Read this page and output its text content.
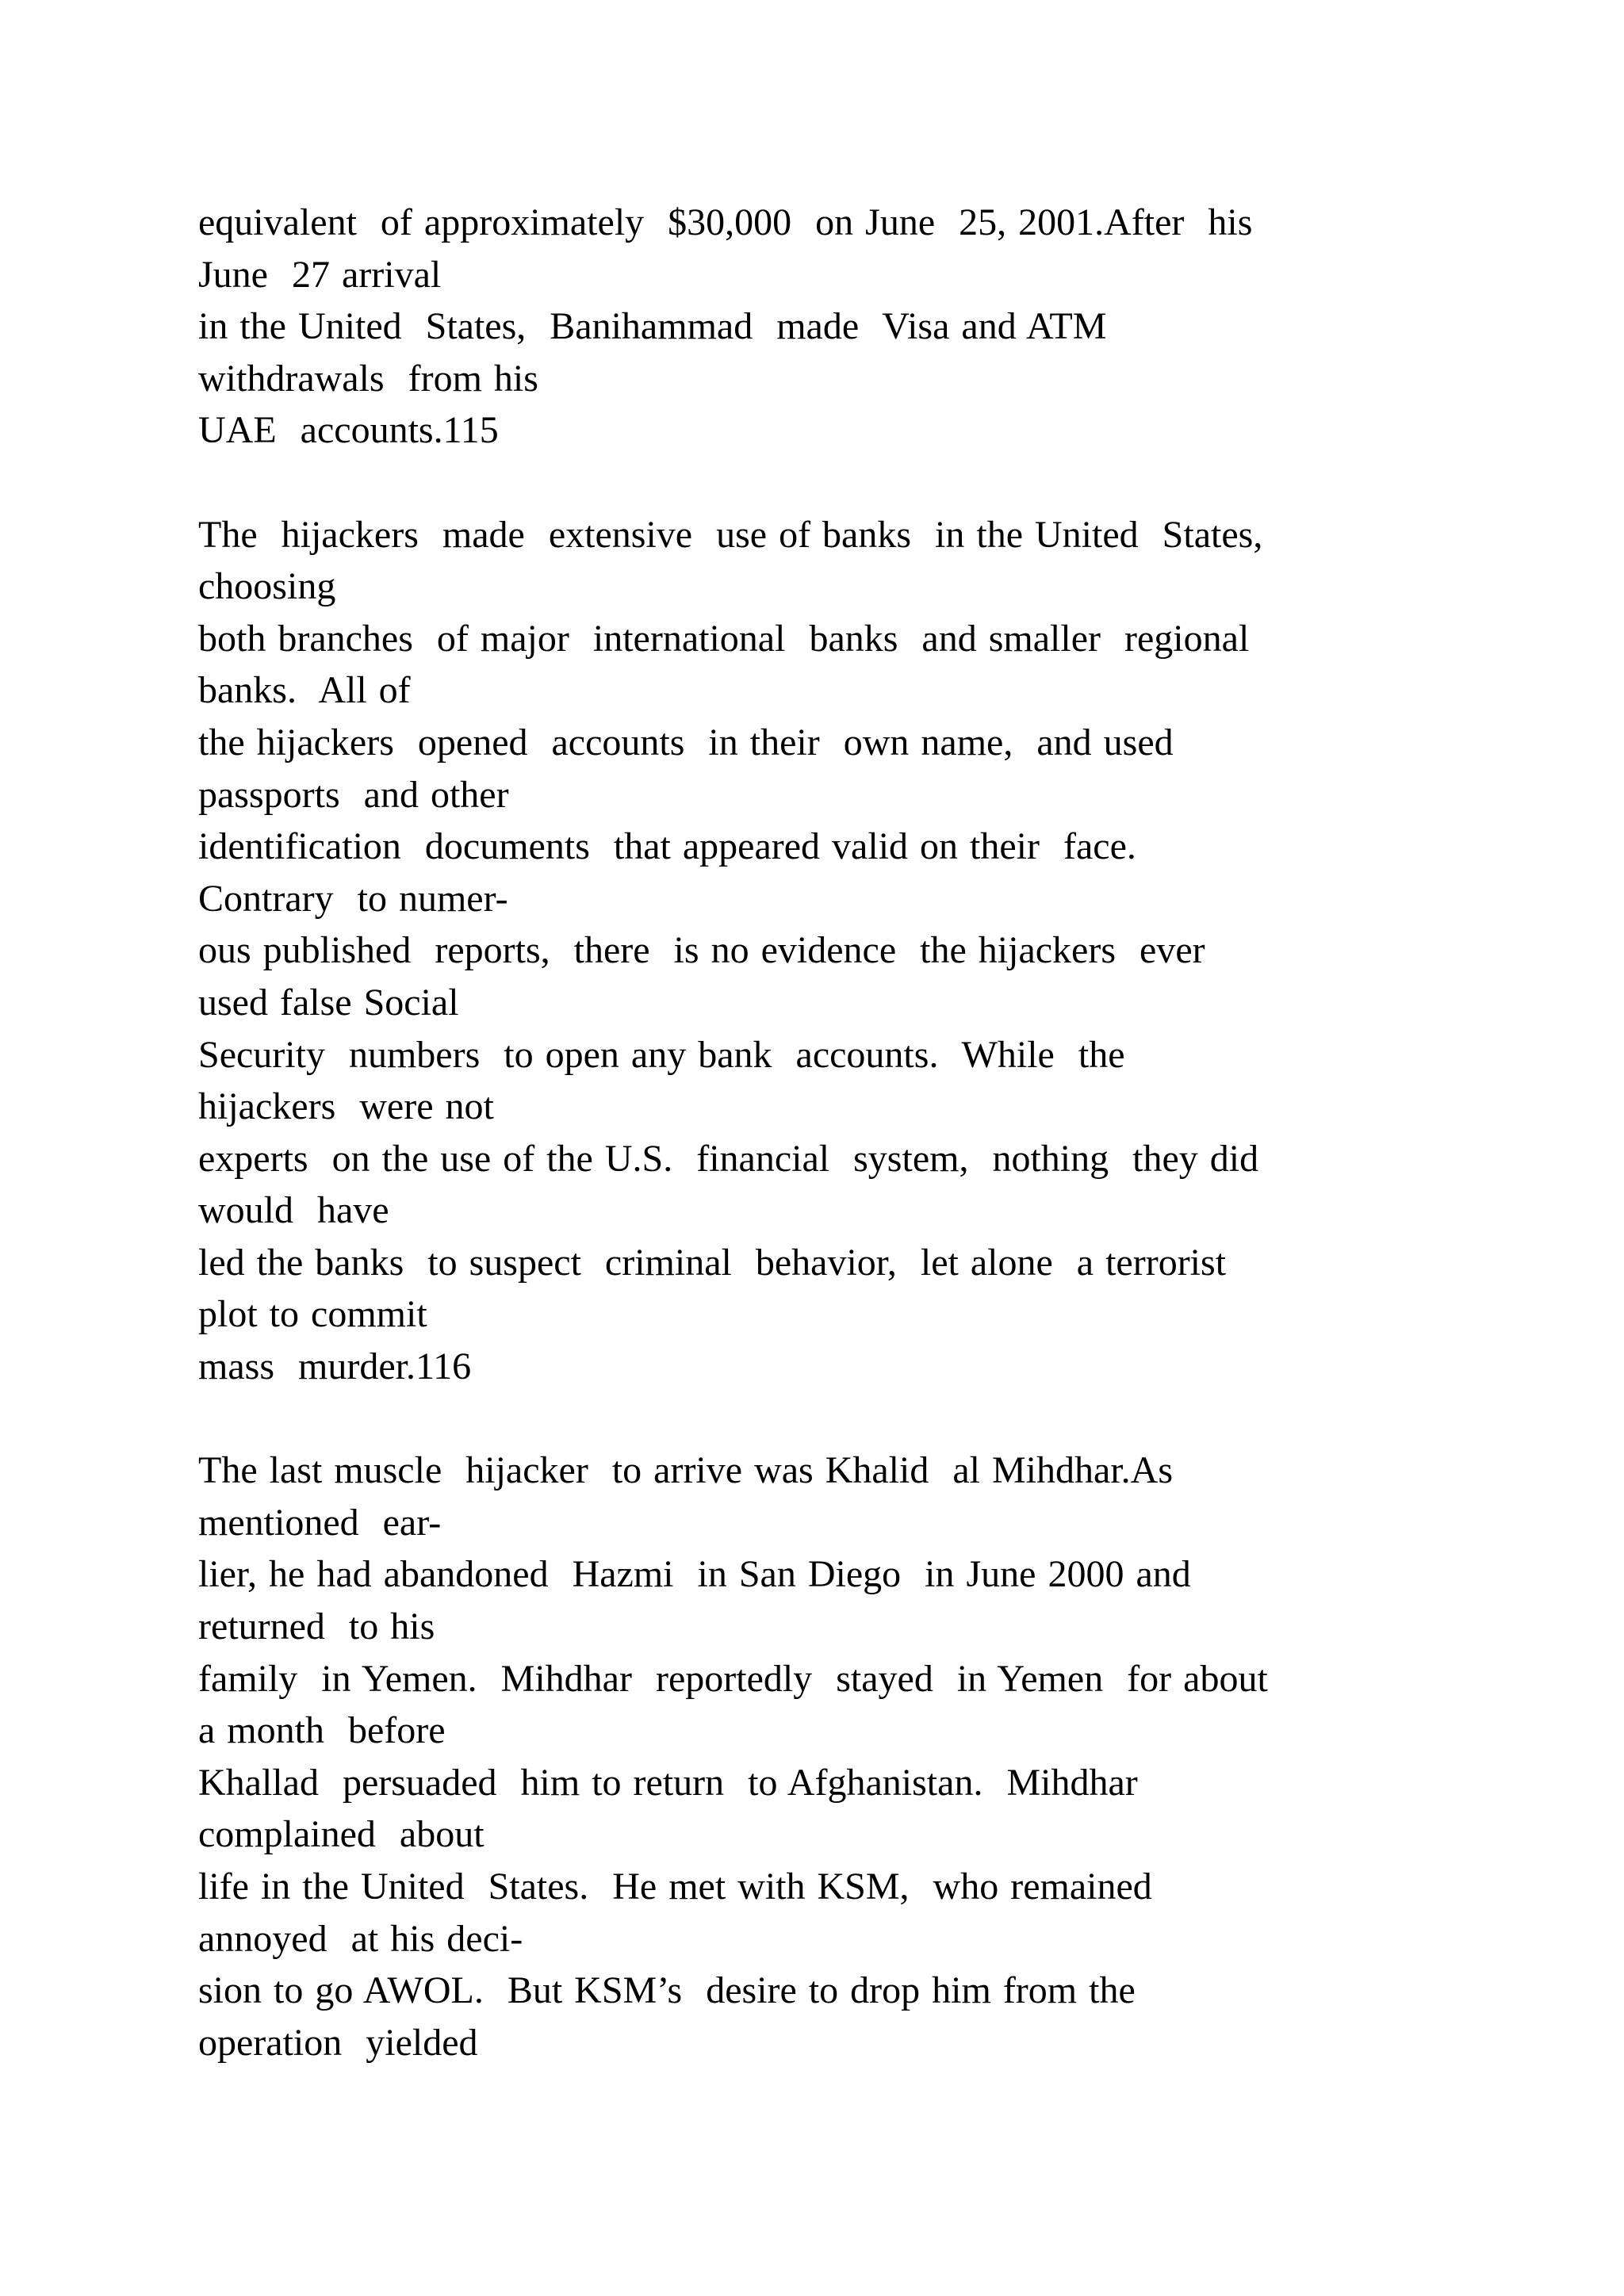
equivalent  of approximately  $30,000  on June  25, 2001.After  his
June  27 arrival
in the United  States,  Banihammad  made  Visa and ATM
withdrawals  from his
UAE  accounts.115
The  hijackers  made  extensive  use of banks  in the United  States,
choosing
both branches  of major  international  banks  and smaller  regional
banks.  All of
the hijackers  opened  accounts  in their  own name,  and used
passports  and other
identification  documents  that appeared valid on their  face.
Contrary  to numer-
ous published  reports,  there  is no evidence  the hijackers  ever
used false Social
Security  numbers  to open any bank  accounts.  While  the
hijackers  were not
experts  on the use of the U.S.  financial  system,  nothing  they did
would  have
led the banks  to suspect  criminal  behavior,  let alone  a terrorist
plot to commit
mass  murder.116
The last muscle  hijacker  to arrive was Khalid  al Mihdhar.As
mentioned  ear-
lier, he had abandoned  Hazmi  in San Diego  in June 2000 and
returned  to his
family  in Yemen.  Mihdhar  reportedly  stayed  in Yemen  for about
a month  before
Khallad  persuaded  him to return  to Afghanistan.  Mihdhar
complained  about
life in the United  States.  He met with KSM,  who remained
annoyed  at his deci-
sion to go AWOL.  But KSM’s  desire to drop him from the
operation  yielded
